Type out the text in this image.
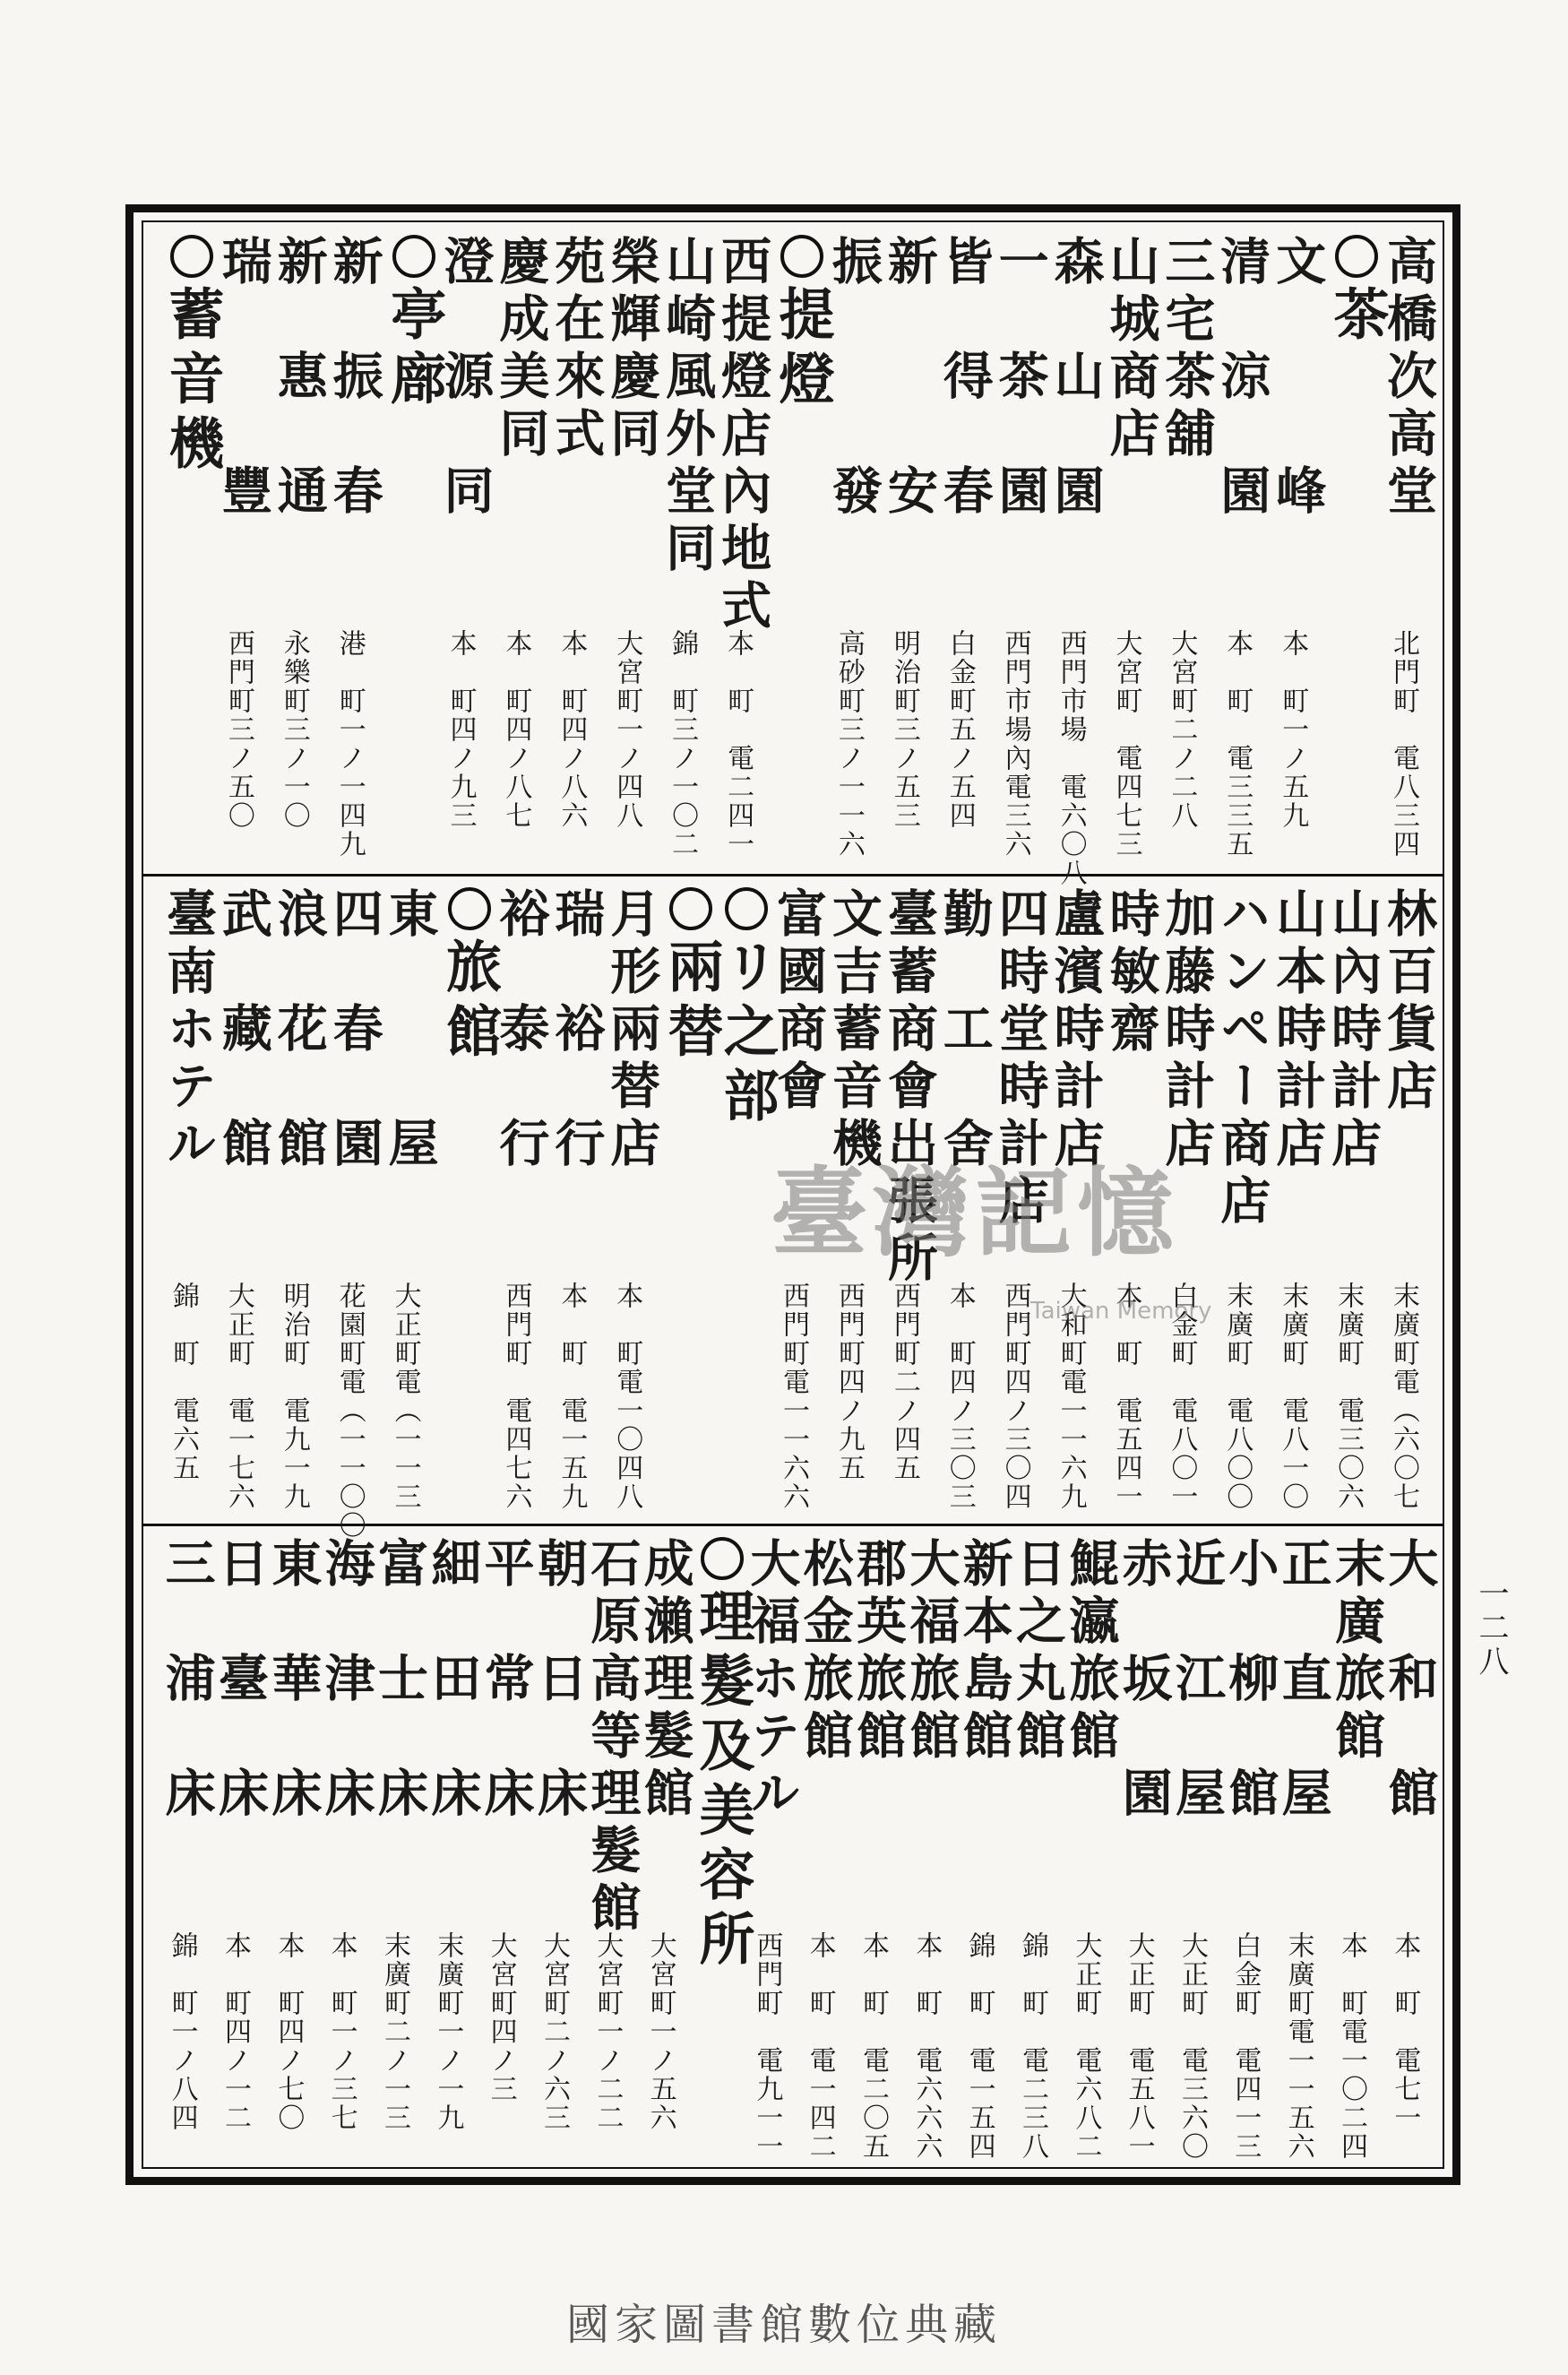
高橋次高堂
北門町　電八三四
茶
文　　　峰
本　町一ノ五九
清　涼　園
本　町　電三三五
三宅茶舖
大宮町二ノ二八
山城商店
大宮町　電四七三
森　山　園
西門市場　電六〇八
一　茶　園
西門市場內電三六
皆　得　春
白金町五ノ五四
新　　　安
明治町三ノ五三
振　　　發
高砂町三ノ一一六
提燈
西提燈店內地式
本　町　電二四一
山崎風外堂同
錦　町三ノ一〇二
榮輝慶同
大宮町一ノ四八
苑在來式
本　町四ノ八六
慶成美同
本　町四ノ八七
澄　源　同
本　町四ノ九三
亭廍
新　振　春
港　町一ノ一四九
新　惠　通
永樂町三ノ一〇
瑞　　　豐
西門町三ノ五〇
蓄音機
林百貨店
末廣町電（六〇七
山內時計店
末廣町　電三〇六
山本時計店
末廣町　電八一〇
ハンペー商店
末廣町　電八〇〇
加藤時計店
白金町　電八〇一
時敏齋
本　町　電五四一
盧濱時計店
大和町電一一六九
四時堂時計店
西門町四ノ三〇四
勤　工　舍
本　町四ノ三〇三
臺蓄商會出張所
西門町二ノ四五
文吉蓄音機
西門町四ノ九五
富國商會
西門町電一一六六
リ之部
兩替
月形兩替店
本　町電一〇四八
瑞　裕　行
本　町　電一五九
裕　泰　行
西門町　電四七六
旅館
東　　　屋
大正町電（一一三
四　春　園
花園町電（一一〇〇
浪　花　館
明治町　電九一九
武　藏　館
大正町　電一七六
臺南ホテル
錦　町　電六五
大　和　館
本　町　電七一
末廣旅館
本　町電一〇二四
正　直　屋
末廣町電一一五六
小　柳　館
白金町　電四一三
近　江　屋
大正町　電三六〇
赤　坂　園
大正町　電五八一
鯤瀛旅館
大正町　電六八二
日之丸館
錦　町　電二三八
新本島館
錦　町　電一五四
大福旅館
本　町　電六六六
郡英旅館
本　町　電二〇五
松金旅館
本　町　電一四二
大福ホテル
西門町　電九一一
理髮及美容所
成瀨理髮館
大宮町一ノ五六
石原高等理髮館
大宮町一ノ二二
朝　日　床
大宮町二ノ六三
平　常　床
大宮町四ノ三
細　田　床
末廣町一ノ一九
富　士　床
末廣町二ノ一三
海　津　床
本　町一ノ三七
東　華　床
本　町四ノ七〇
日　臺　床
本　町四ノ一二
三　浦　床
錦　町一ノ八四
一二八
臺灣記憶
Taiwan Memory
國家圖書館數位典藏
